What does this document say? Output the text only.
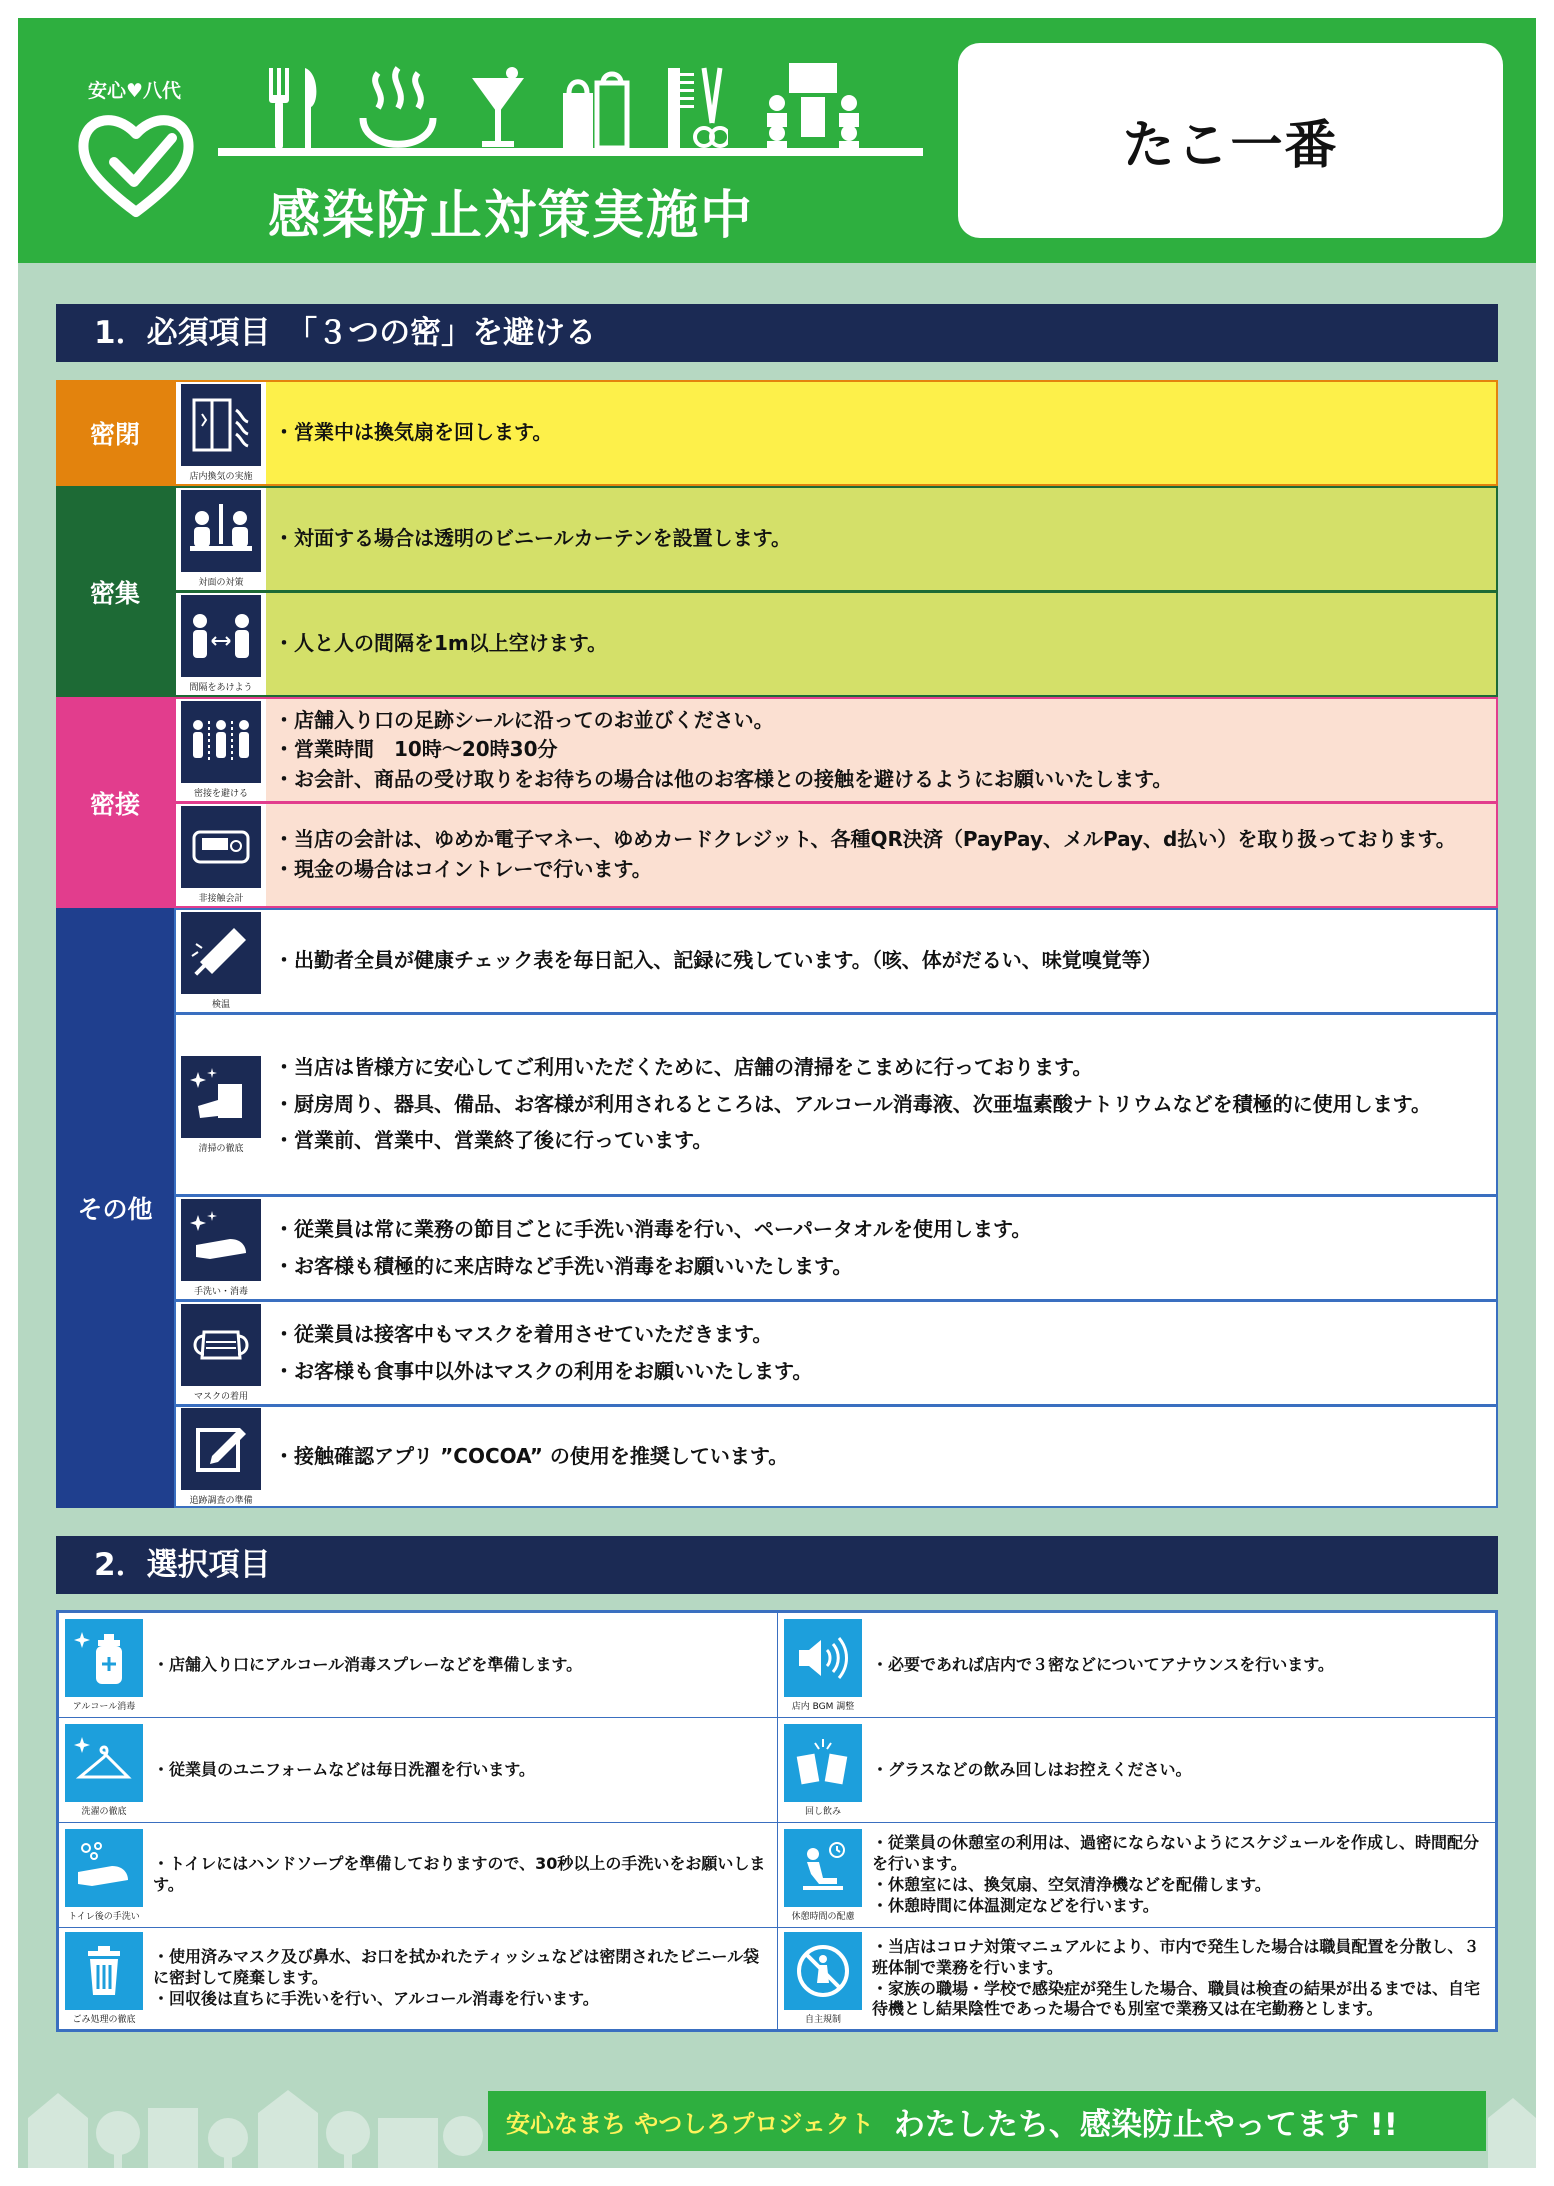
安心♥八代
感染防止対策実施中
たこ一番
1．必須項目　「３つの密」を避ける
密閉
密集
密接
その他
店内換気の実施
・営業中は換気扇を回します。
対面の対策
・対面する場合は透明のビニールカーテンを設置します。
間隔をあけよう
・人と人の間隔を1m以上空けます。
密接を避ける
・店舗入り口の足跡シールに沿ってのお並びください。
・営業時間　10時～20時30分
・お会計、商品の受け取りをお待ちの場合は他のお客様との接触を避けるようにお願いいたします。
非接触会計
・当店の会計は、ゆめか電子マネー、ゆめカードクレジット、各種QR決済（PayPay、メルPay、d払い）を取り扱っております。
・現金の場合はコイントレーで行います。
検温
・出勤者全員が健康チェック表を毎日記入、記録に残しています。（咳、体がだるい、味覚嗅覚等）
清掃の徹底
・当店は皆様方に安心してご利用いただくために、店舗の清掃をこまめに行っております。
・厨房周り、器具、備品、お客様が利用されるところは、アルコール消毒液、次亜塩素酸ナトリウムなどを積極的に使用します。
・営業前、営業中、営業終了後に行っています。
手洗い・消毒
・従業員は常に業務の節目ごとに手洗い消毒を行い、ペーパータオルを使用します。
・お客様も積極的に来店時など手洗い消毒をお願いいたします。
マスクの着用
・従業員は接客中もマスクを着用させていただきます。
・お客様も食事中以外はマスクの利用をお願いいたします。
追跡調査の準備
・接触確認アプリ ”COCOA” の使用を推奨しています。
2．選択項目
アルコール消毒
・店舗入り口にアルコール消毒スプレーなどを準備します。
洗濯の徹底
・従業員のユニフォームなどは毎日洗濯を行います。
トイレ後の手洗い
・トイレにはハンドソープを準備しておりますので、30秒以上の手洗いをお願いします。
ごみ処理の徹底
・使用済みマスク及び鼻水、お口を拭かれたティッシュなどは密閉されたビニール袋に密封して廃棄します。
・回収後は直ちに手洗いを行い、アルコール消毒を行います。
店内 BGM 調整
・必要であれば店内で３密などについてアナウンスを行います。
回し飲み
・グラスなどの飲み回しはお控えください。
休憩時間の配慮
・従業員の休憩室の利用は、過密にならないようにスケジュールを作成し、時間配分を行います。
・休憩室には、換気扇、空気清浄機などを配備します。
・休憩時間に体温測定などを行います。
自主規制
・当店はコロナ対策マニュアルにより、市内で発生した場合は職員配置を分散し、３班体制で業務を行います。
・家族の職場・学校で感染症が発生した場合、職員は検査の結果が出るまでは、自宅待機とし結果陰性であった場合でも別室で業務又は在宅勤務とします。
安心なまち やつしろプロジェクト わたしたち、感染防止やってます !!
